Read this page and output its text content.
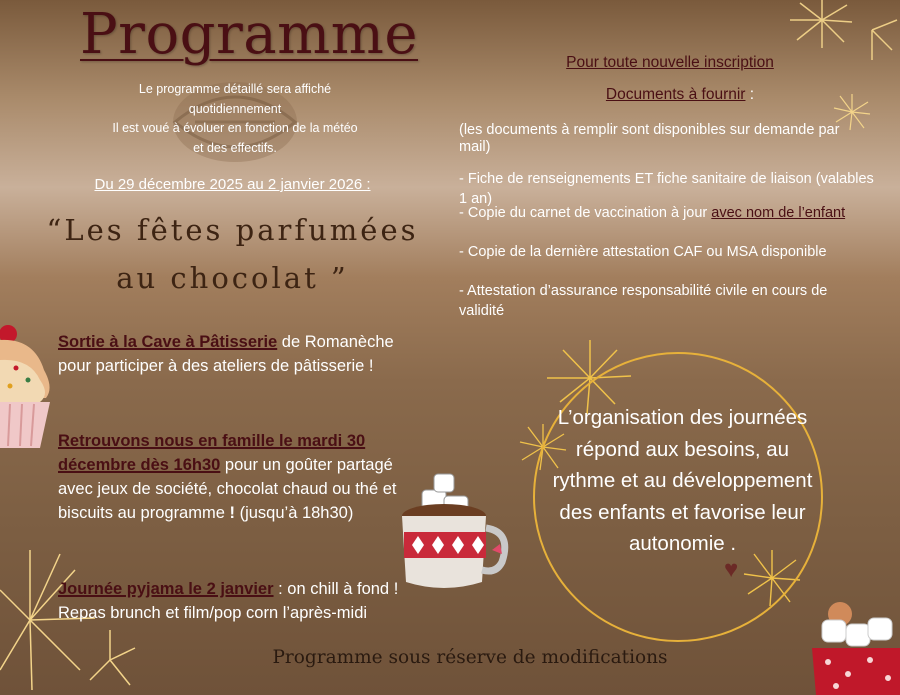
Programme
Le programme détaillé sera affiché quotidiennement
Il est voué à évoluer en fonction de la météo et des effectifs.
Du 29 décembre 2025 au 2 janvier 2026 :
“Les fêtes parfumées
au chocolat ”
Sortie à la Cave à Pâtisserie de Romanèche pour participer à des ateliers de pâtisserie !
Retrouvons nous en famille le mardi 30 décembre dès 16h30 pour un goûter partagé avec jeux de société, chocolat chaud ou thé et biscuits au programme ! (jusqu’à 18h30)
Journée pyjama le 2 janvier : on chill à fond ! Repas brunch et film/pop corn l’après-midi
Pour toute nouvelle inscription
Documents à fournir :
(les documents à remplir sont disponibles sur demande par mail)
- Fiche de renseignements ET fiche sanitaire de liaison (valables 1 an)
- Copie du carnet de vaccination à jour avec nom de l’enfant
- Copie de la dernière attestation CAF ou MSA disponible
- Attestation d’assurance responsabilité civile en cours de validité
L’organisation des journées répond aux besoins, au rythme et au développement des enfants et favorise leur autonomie .
♥
Programme sous réserve de modifications
